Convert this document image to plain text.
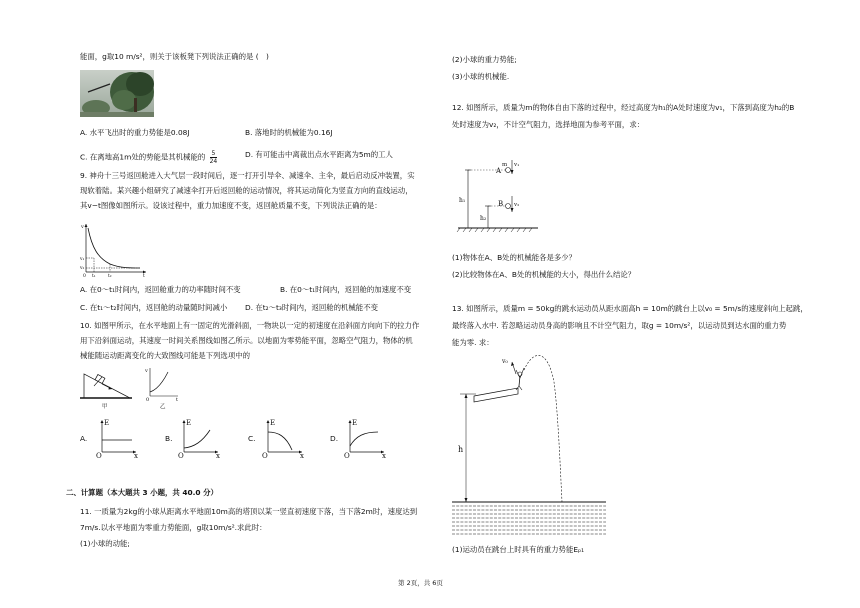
能面，g取10 m/s²，则关于该板凳下列说法正确的是 (　)
A. 水平飞出时的重力势能是0.08J	B. 落地时的机械能为0.16J
C. 在离地高1m处的势能是其机械能的 $\frac{5}{24}$	D. 有可能击中离裁出点水平距离为5m的工人
9. 神舟十三号返回舱进入大气层一段时间后，逐一打开引导伞、减速伞、主伞，最后启动反冲装置，实
现软着陆。某兴趣小组研究了减速伞打开后返回舱的运动情况，将其运动简化为竖直方向的直线运动，
其v−t图像如图所示。设该过程中，重力加速度不变，返回舱质量不变，下列说法正确的是：
v
v₁
v₂
0 t₁	t₂	t
A. 在0～t₁时间内，返回舱重力的功率随时间不变	B. 在0～t₁时间内，返回舱的加速度不变
C. 在t₁～t₂时间内，返回舱的动量随时间减小 D. 在t₂～t₃时间内，返回舱的机械能不变
10. 如图甲所示，在水平地面上有一固定的光滑斜面，一物块以一定的初速度在沿斜面方向向下的拉力作
用下沿斜面运动，其速度一时间关系图线如图乙所示。以地面为零势能平面，忽略空气阻力，物体的机
械能随运动距离变化的大致图线可能是下列选项中的
甲
v
0	t
乙
A.
E
O	x
B.
E
O	x
C.
E
O	x
D.
E
O	x
二、计算题（本大题共 3 小题，共 40.0 分）
11. 一质量为2kg的小球从距离水平地面10m高的塔顶以某一竖直初速度下落，当下落2m时，速度达到
7m/s.以水平地面为零重力势能面，g取10m/s².求此时：
(1)小球的动能;
(2)小球的重力势能;
(3)小球的机械能.
12. 如图所示，质量为m的物体自由下落的过程中，经过高度为h₁的A处时速度为v₁，下落到高度为h₂的B
处时速度为v₂，不计空气阻力，选择地面为参考平面，求：
A
m v₁
B v₂
h₁
h₂
(1)物体在A、B处的机械能各是多少？
(2)比较物体在A、B处的机械能的大小，得出什么结论？
13. 如图所示，质量m = 50kg的跳水运动员从距水面高h = 10m的跳台上以v₀ = 5m/s的速度斜向上起跳，
最终落入水中. 若忽略运动员身高的影响且不计空气阻力，取g = 10m/s²，以运动员到达水面的重力势
能为零. 求：
h
v₀
(1)运动员在跳台上时具有的重力势能Eₚ₁
第 2页，共 6页
